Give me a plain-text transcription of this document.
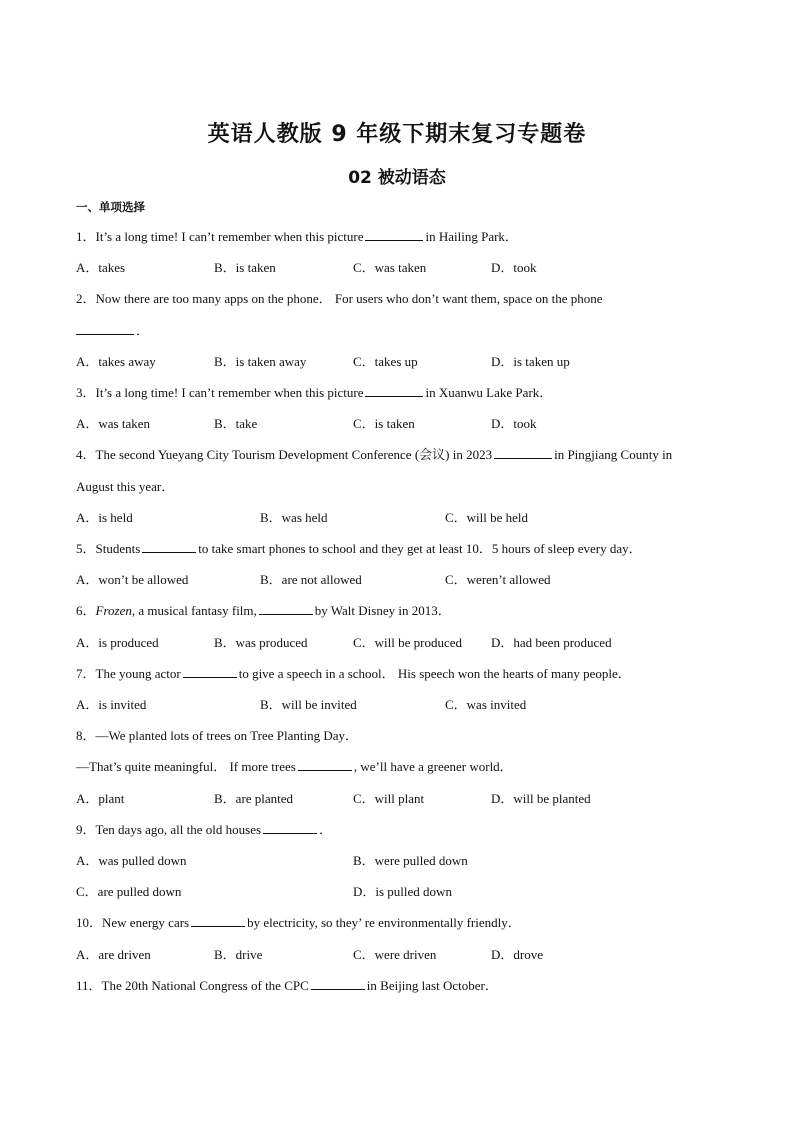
英语人教版 9 年级下期末复习专题卷
02 被动语态
一、单项选择
1．It’s a long time! I can’t remember when this picture	in Hailing Park．
A．takes	B．is taken	C．was taken	D．took
2．Now there are too many apps on the phone． For users who don’t want them, space on the phone
．
A．takes away	B．is taken away	C．takes up	D．is taken up
3．It’s a long time! I can’t remember when this picture	in Xuanwu Lake Park．
A．was taken	B．take	C．is taken	D．took
4．The second Yueyang City Tourism Development Conference (会议) in 2023	in Pingjiang County in
August this year．
A．is held	B．was held	C．will be held
5．Students	to take smart phones to school and they get at least 10．5 hours of sleep every day．
A．won’t be allowed	B．are not allowed	C．weren’t allowed
6．Frozen, a musical fantasy film,	by Walt Disney in 2013．
A．is produced	B．was produced	C．will be produced D．had been produced
7．The young actor	to give a speech in a school． His speech won the hearts of many people．
A．is invited	B．will be invited	C．was invited
8．—We planted lots of trees on Tree Planting Day．
—That’s quite meaningful． If more trees	, we’ll have a greener world．
A．plant	B．are planted	C．will plant	D．will be planted
9．Ten days ago, all the old houses	．
A．was pulled down	B．were pulled down
C．are pulled down	D．is pulled down
10．New energy cars	by electricity, so they’ re environmentally friendly．
A．are driven	B．drive	C．were driven	D．drove
11．The 20th National Congress of the CPC	in Beijing last October．
